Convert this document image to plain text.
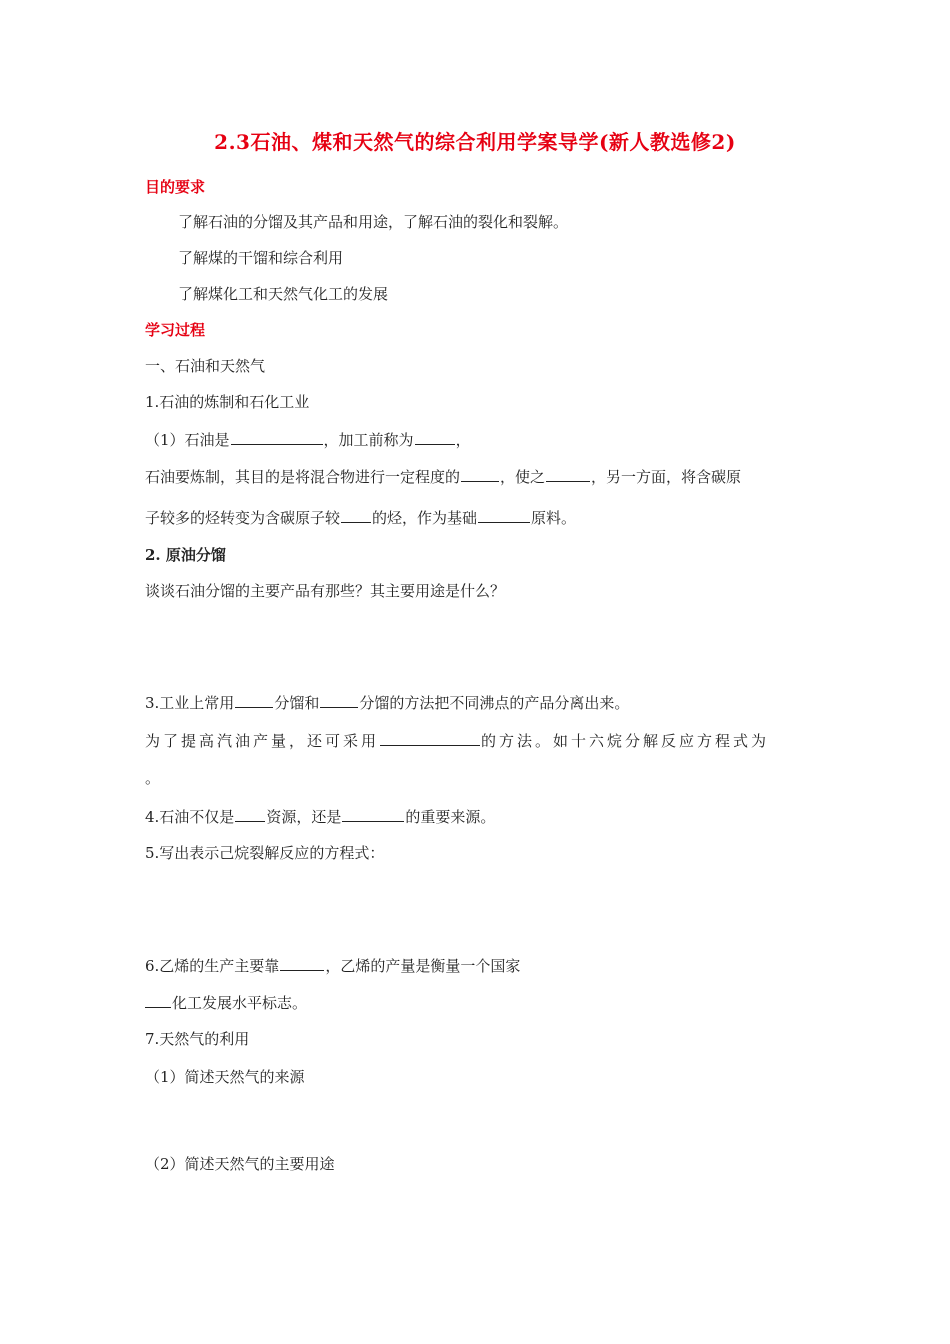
2.3石油、煤和天然气的综合利用学案导学(新人教选修2)
目的要求
了解石油的分馏及其产品和用途，了解石油的裂化和裂解。
了解煤的干馏和综合利用
了解煤化工和天然气化工的发展
学习过程
一、石油和天然气
1.石油的炼制和石化工业
（1）石油是	，加工前称为	，
石油要炼制，其目的是将混合物进行一定程度的	，使之	，另一方面，将含碳原
子较多的烃转变为含碳原子较 的烃，作为基础	原料。
2. 原油分馏
谈谈石油分馏的主要产品有那些？其主要用途是什么？
3.工业上常用	分馏和	分馏的方法把不同沸点的产品分离出来。
为了提高汽油产量，还可采用	的方法。如十六烷分解反应方程式为
。
4.石油不仅是 资源，还是	的重要来源。
5.写出表示己烷裂解反应的方程式：
6.乙烯的生产主要靠	，乙烯的产量是衡量一个国家
化工发展水平标志。
7.天然气的利用
（1）简述天然气的来源
（2）简述天然气的主要用途
